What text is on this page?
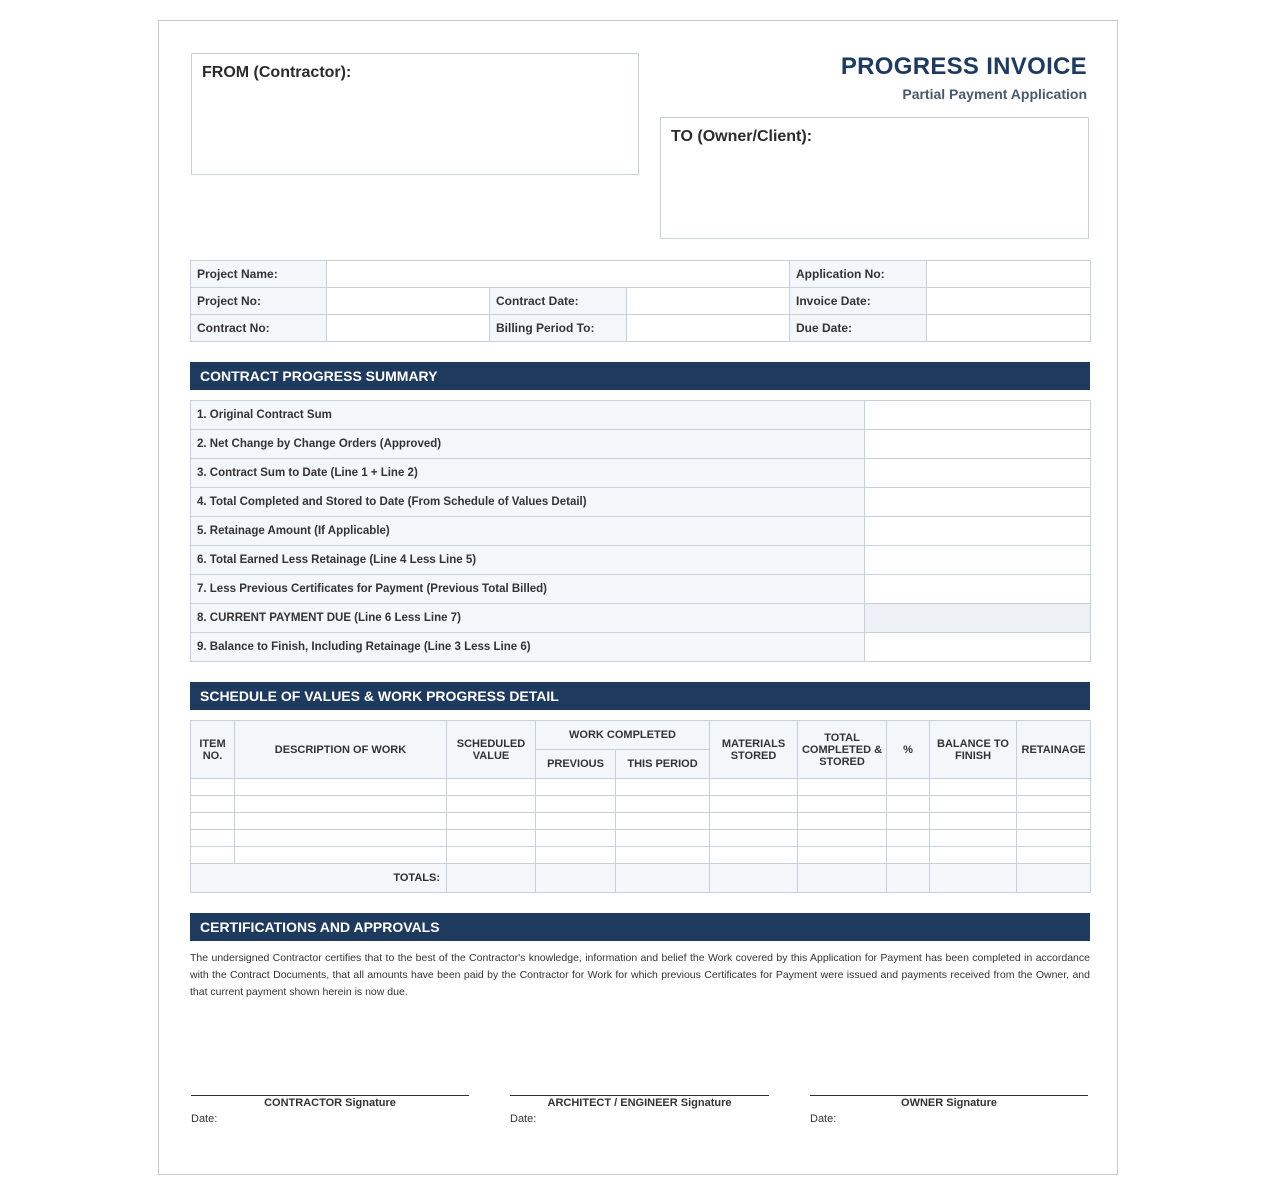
FROM (Contractor):	PROGRESS INVOICE
Partial Payment Application
TO (Owner/Client):
Project Name:				Application No:	
Project No:		Contract Date:		Invoice Date:	
Contract No:		Billing Period To:		Due Date:	
CONTRACT PROGRESS SUMMARY
1. Original Contract Sum	
2. Net Change by Change Orders (Approved)	
3. Contract Sum to Date (Line 1 + Line 2)	
4. Total Completed and Stored to Date (From Schedule of Values Detail)	
5. Retainage Amount (If Applicable)	
6. Total Earned Less Retainage (Line 4 Less Line 5)	
7. Less Previous Certificates for Payment (Previous Total Billed)	
8. CURRENT PAYMENT DUE (Line 6 Less Line 7)	
9. Balance to Finish, Including Retainage (Line 3 Less Line 6)	
SCHEDULE OF VALUES & WORK PROGRESS DETAIL
ITEM NO.	DESCRIPTION OF WORK	SCHEDULED VALUE	WORK COMPLETED		MATERIALS STORED	TOTAL COMPLETED & STORED	%	BALANCE TO FINISH	RETAINAGE
			PREVIOUS	THIS PERIOD					

TOTALS:									
CERTIFICATIONS AND APPROVALS
The undersigned Contractor certifies that to the best of the Contractor's knowledge, information and belief the Work covered by this Application for Payment has been completed in accordance with the Contract Documents, that all amounts have been paid by the Contractor for Work for which previous Certificates for Payment were issued and payments received from the Owner, and that current payment shown herein is now due.
CONTRACTOR Signature
Date:
ARCHITECT / ENGINEER Signature
Date:
OWNER Signature
Date:
